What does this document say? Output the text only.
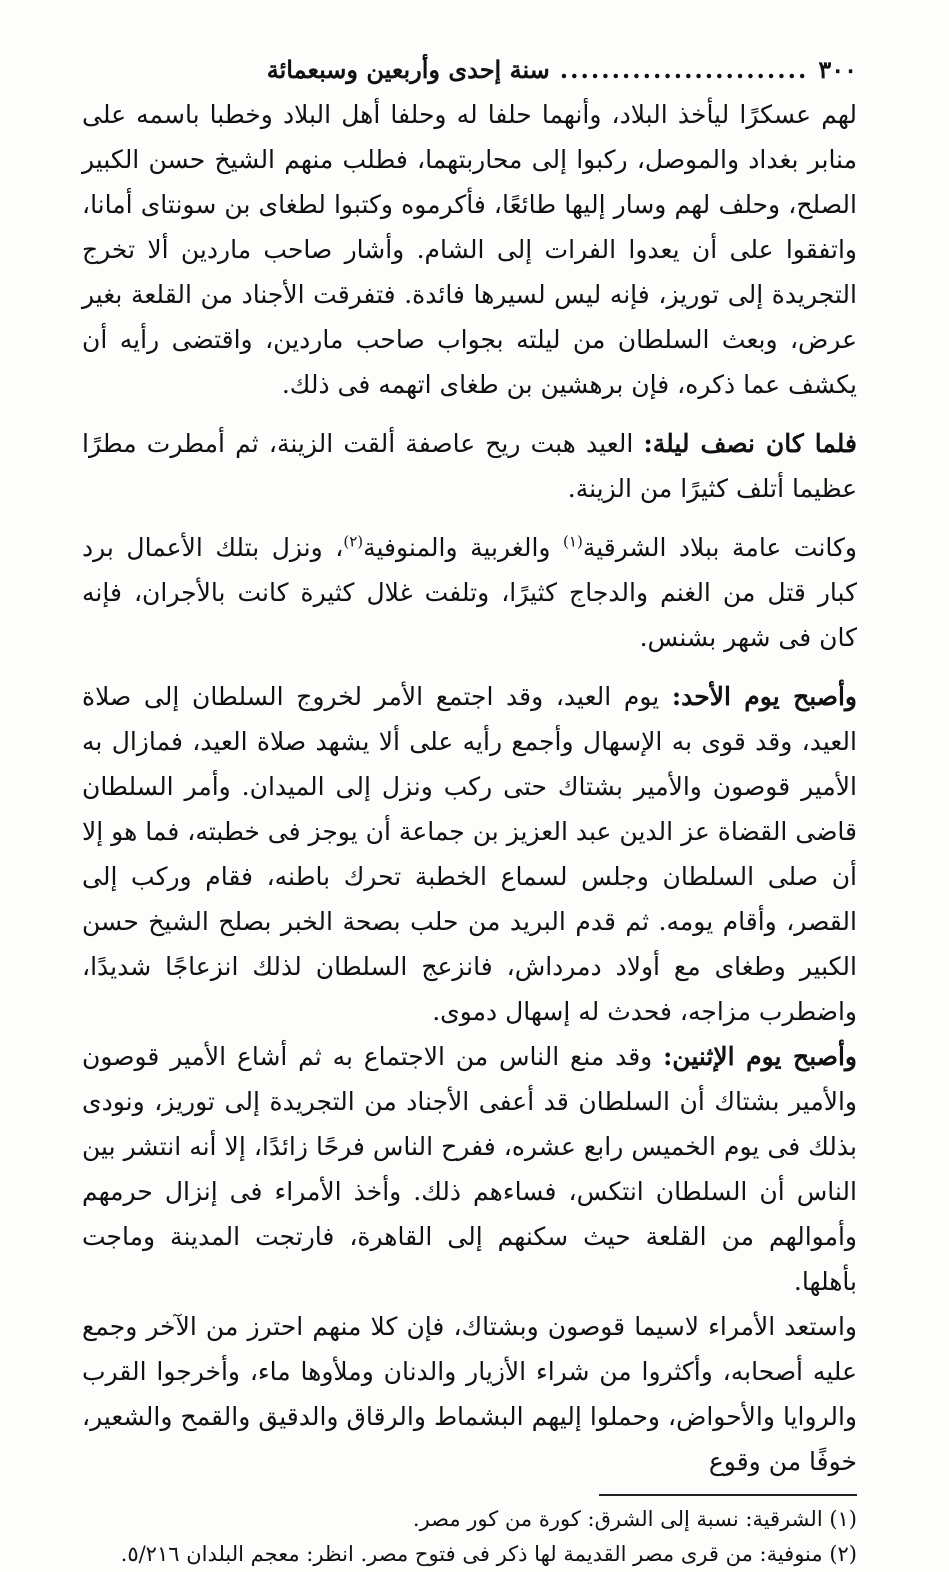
٣٠٠
........................
سنة إحدى وأربعين وسبعمائة

لهم عسكرًا ليأخذ البلاد، وأنهما حلفا له وحلفا أهل البلاد وخطبا باسمه على منابر بغداد والموصل، ركبوا إلى محاربتهما، فطلب منهم الشيخ حسن الكبير الصلح، وحلف لهم وسار إليها طائعًا، فأكرموه وكتبوا لطغاى بن سونتاى أمانا، واتفقوا على أن يعدوا الفرات إلى الشام. وأشار صاحب ماردين ألا تخرج التجريدة إلى توريز، فإنه ليس لسيرها فائدة. فتفرقت الأجناد من القلعة بغير عرض، وبعث السلطان من ليلته بجواب صاحب ماردين، واقتضى رأيه أن يكشف عما ذكره، فإن برهشين بن طغاى اتهمه فى ذلك.

فلما كان نصف ليلة: العيد هبت ريح عاصفة ألقت الزينة، ثم أمطرت مطرًا عظيما أتلف كثيرًا من الزينة.

وكانت عامة ببلاد الشرقية$^{(١)}$ والغربية والمنوفية$^{(٢)}$، ونزل بتلك الأعمال برد كبار قتل من الغنم والدجاج كثيرًا، وتلفت غلال كثيرة كانت بالأجران، فإنه كان فى شهر بشنس.

وأصبح يوم الأحد: يوم العيد، وقد اجتمع الأمر لخروج السلطان إلى صلاة العيد، وقد قوى به الإسهال وأجمع رأيه على ألا يشهد صلاة العيد، فمازال به الأمير قوصون والأمير بشتاك حتى ركب ونزل إلى الميدان. وأمر السلطان قاضى القضاة عز الدين عبد العزيز بن جماعة أن يوجز فى خطبته، فما هو إلا أن صلى السلطان وجلس لسماع الخطبة تحرك باطنه، فقام وركب إلى القصر، وأقام يومه. ثم قدم البريد من حلب بصحة الخبر بصلح الشيخ حسن الكبير وطغاى مع أولاد دمرداش، فانزعج السلطان لذلك انزعاجًا شديدًا، واضطرب مزاجه، فحدث له إسهال دموى.

وأصبح يوم الإثنين: وقد منع الناس من الاجتماع به ثم أشاع الأمير قوصون والأمير بشتاك أن السلطان قد أعفى الأجناد من التجريدة إلى توريز، ونودى بذلك فى يوم الخميس رابع عشره، ففرح الناس فرحًا زائدًا، إلا أنه انتشر بين الناس أن السلطان انتكس، فساءهم ذلك. وأخذ الأمراء فى إنزال حرمهم وأموالهم من القلعة حيث سكنهم إلى القاهرة، فارتجت المدينة وماجت بأهلها.

واستعد الأمراء لاسيما قوصون وبشتاك، فإن كلا منهم احترز من الآخر وجمع عليه أصحابه، وأكثروا من شراء الأزيار والدنان وملأوها ماء، وأخرجوا القرب والروايا والأحواض، وحملوا إليهم البشماط والرقاق والدقيق والقمح والشعير، خوفًا من وقوع

(١) الشرقية: نسبة إلى الشرق: كورة من كور مصر.

(٢) منوفية: من قرى مصر القديمة لها ذكر فى فتوح مصر. انظر: معجم البلدان ٥/٢١٦.
